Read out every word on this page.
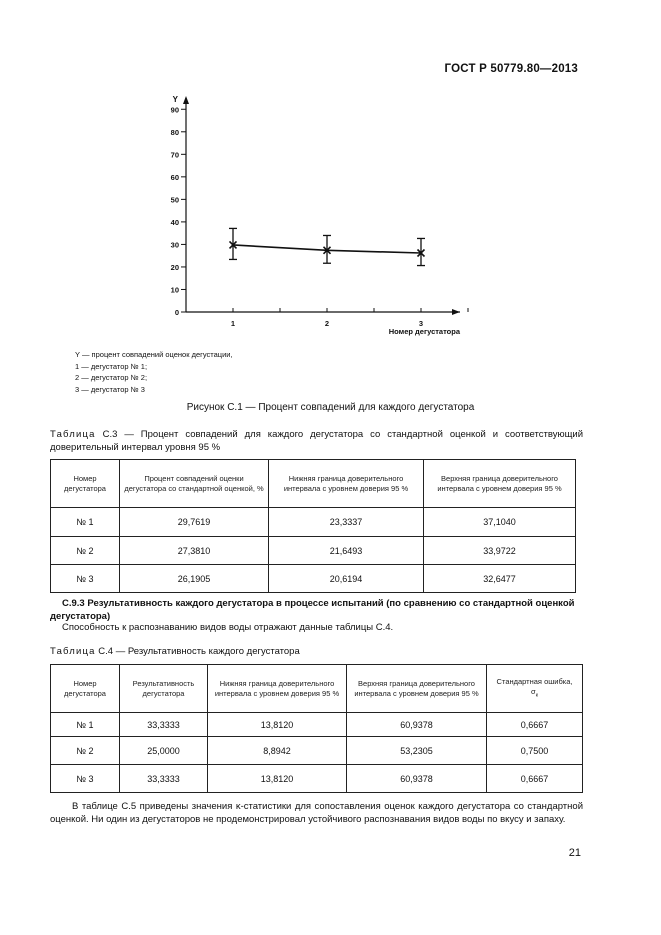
ГОСТ Р 50779.80—2013
0
10
20
30
40
50
60
70
80
90
Y
1	2	3
Номер дегустатора
Y — процент совпадений оценок дегустации,
1 — дегустатор № 1;
2 — дегустатор № 2;
3 — дегустатор № 3
Рисунок С.1 — Процент совпадений для каждого дегустатора
Таблица С.3 — Процент совпадений для каждого дегустатора со стандартной оценкой и соответствующий доверительный интервал уровня 95 %
Номер дегустатора	Процент совпадений оценки дегустатора со стандартной оценкой, %	Нижняя граница доверительного интервала с уровнем доверия 95 %	Верхняя граница доверительного интервала с уровнем доверия 95 %
№ 1	29,7619	23,3337	37,1040
№ 2	27,3810	21,6493	33,9722
№ 3	26,1905	20,6194	32,6477
С.9.3 Результативность каждого дегустатора в процессе испытаний (по сравнению со стандартной оценкой дегустатора)
Способность к распознаванию видов воды отражают данные таблицы С.4.
Таблица С.4 — Результативность каждого дегустатора
Номер дегустатора	Результативность дегустатора	Нижняя граница доверительного интервала с уровнем доверия 95 %	Верхняя граница доверительного интервала с уровнем доверия 95 %	Стандартная ошибка,
$\sigma_к$
№ 1	33,3333	13,8120	60,9378	0,6667
№ 2	25,0000	8,8942	53,2305	0,7500
№ 3	33,3333	13,8120	60,9378	0,6667
В таблице С.5 приведены значения κ-статистики для сопоставления оценок каждого дегустатора со стандартной оценкой. Ни один из дегустаторов не продемонстрировал устойчивого распознавания видов воды по вкусу и запаху.
21
